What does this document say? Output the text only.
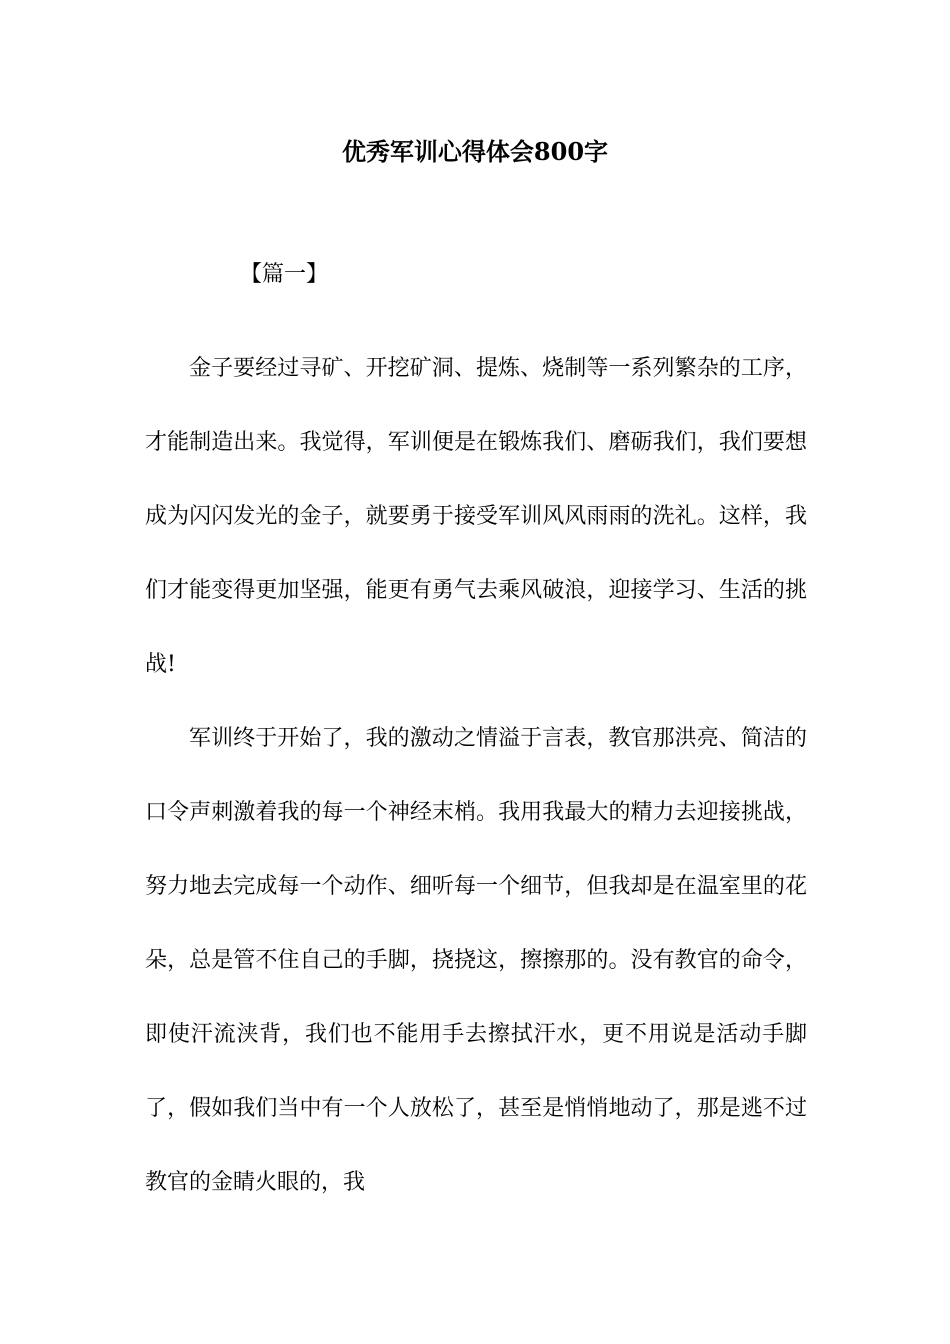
优秀军训心得体会800字
【篇一】

金子要经过寻矿、开挖矿洞、提炼、烧制等一系列繁杂的工序，才能制造出来。我觉得，军训便是在锻炼我们、磨砺我们，我们要想成为闪闪发光的金子，就要勇于接受军训风风雨雨的洗礼。这样，我们才能变得更加坚强，能更有勇气去乘风破浪，迎接学习、生活的挑战!

军训终于开始了，我的激动之情溢于言表，教官那洪亮、简洁的口令声刺激着我的每一个神经末梢。我用我最大的精力去迎接挑战，努力地去完成每一个动作、细听每一个细节，但我却是在温室里的花朵，总是管不住自己的手脚，挠挠这，擦擦那的。没有教官的命令，即使汗流浃背，我们也不能用手去擦拭汗水，更不用说是活动手脚了，假如我们当中有一个人放松了，甚至是悄悄地动了，那是逃不过教官的金睛火眼的，我
